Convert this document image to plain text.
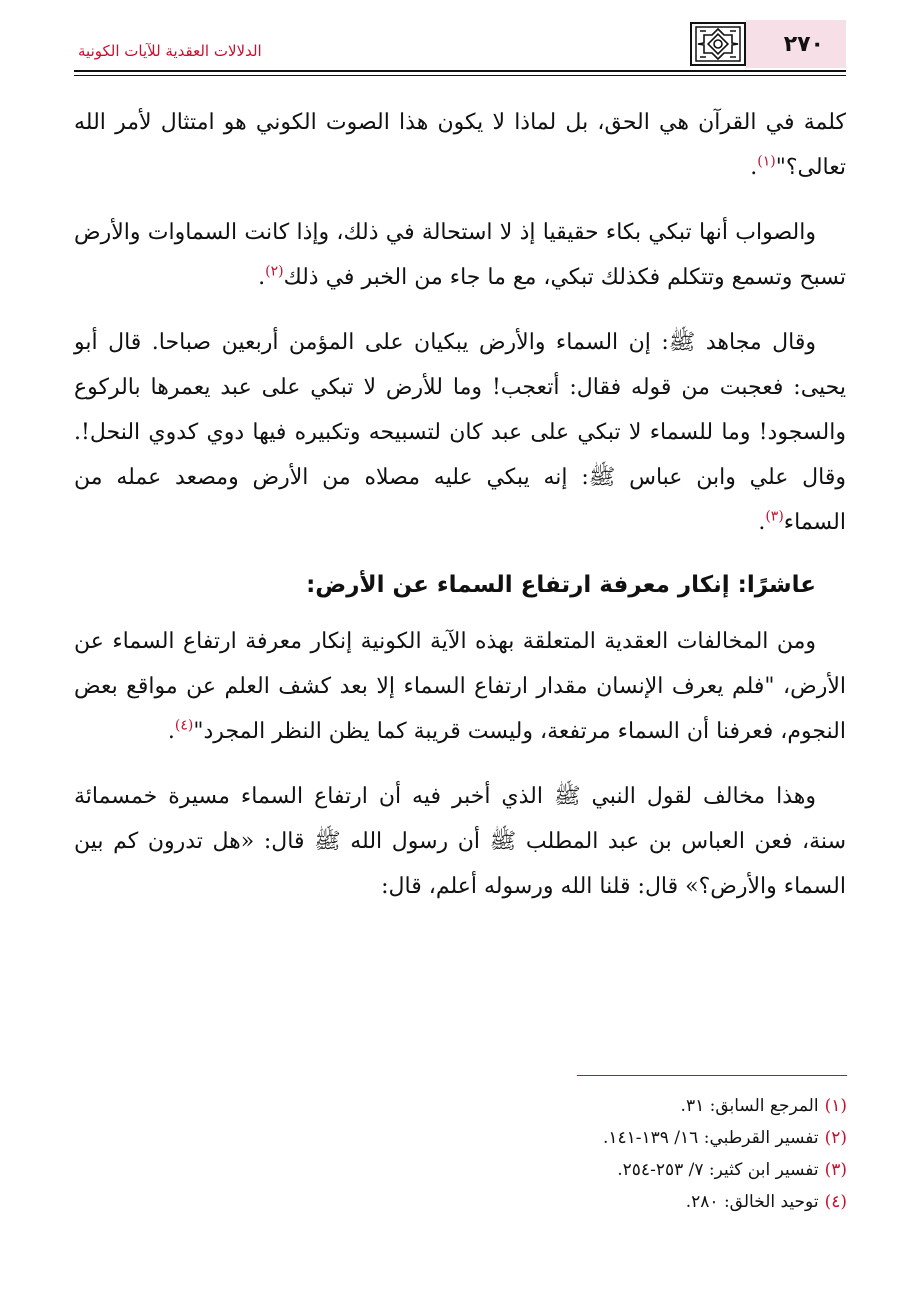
الدلالات العقدية للآيات الكونية	٢٧٠

كلمة في القرآن هي الحق، بل لماذا لا يكون هذا الصوت الكوني هو امتثال لأمر الله تعالى؟"$^{(١)}$.

والصواب أنها تبكي بكاء حقيقيا إذ لا استحالة في ذلك، وإذا كانت السماوات والأرض تسبح وتسمع وتتكلم فكذلك تبكي، مع ما جاء من الخبر في ذلك$^{(٢)}$.

وقال مجاهد ﷺ: إن السماء والأرض يبكيان على المؤمن أربعين صباحا. قال أبو يحيى: فعجبت من قوله فقال: أتعجب! وما للأرض لا تبكي على عبد يعمرها بالركوع والسجود! وما للسماء لا تبكي على عبد كان لتسبيحه وتكبيره فيها دوي كدوي النحل!. وقال علي وابن عباس ﷺ: إنه يبكي عليه مصلاه من الأرض ومصعد عمله من السماء$^{(٣)}$.

عاشرًا: إنكار معرفة ارتفاع السماء عن الأرض:

ومن المخالفات العقدية المتعلقة بهذه الآية الكونية إنكار معرفة ارتفاع السماء عن الأرض، "فلم يعرف الإنسان مقدار ارتفاع السماء إلا بعد كشف العلم عن مواقع بعض النجوم، فعرفنا أن السماء مرتفعة، وليست قريبة كما يظن النظر المجرد"$^{(٤)}$.

وهذا مخالف لقول النبي ﷺ الذي أخبر فيه أن ارتفاع السماء مسيرة خمسمائة سنة، فعن العباس بن عبد المطلب ﷺ أن رسول الله ﷺ قال: «هل تدرون كم بين السماء والأرض؟» قال: قلنا الله ورسوله أعلم، قال:

(١)المرجع السابق: ٣١.
(٢)تفسير القرطبي: ١٦/ ١٣٩-١٤١.
(٣)تفسير ابن كثير: ٧/ ٢٥٣-٢٥٤.
(٤)توحيد الخالق: ٢٨٠.
